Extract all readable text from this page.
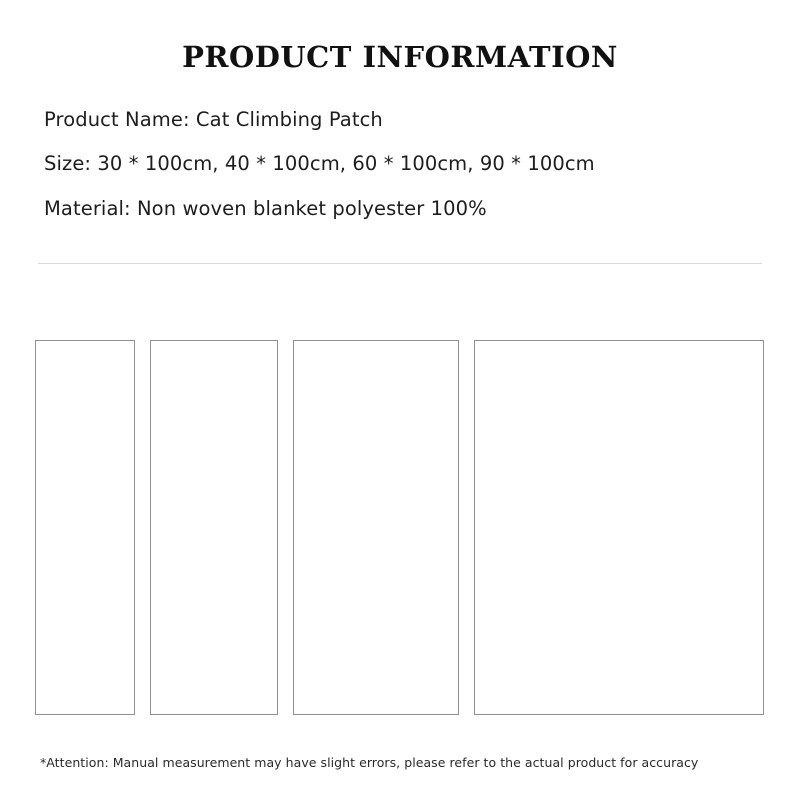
PRODUCT INFORMATION
Product Name: Cat Climbing Patch
Size: 30 * 100cm, 40 * 100cm, 60 * 100cm, 90 * 100cm
Material: Non woven blanket polyester 100%
*Attention: Manual measurement may have slight errors, please refer to the actual product for accuracy
